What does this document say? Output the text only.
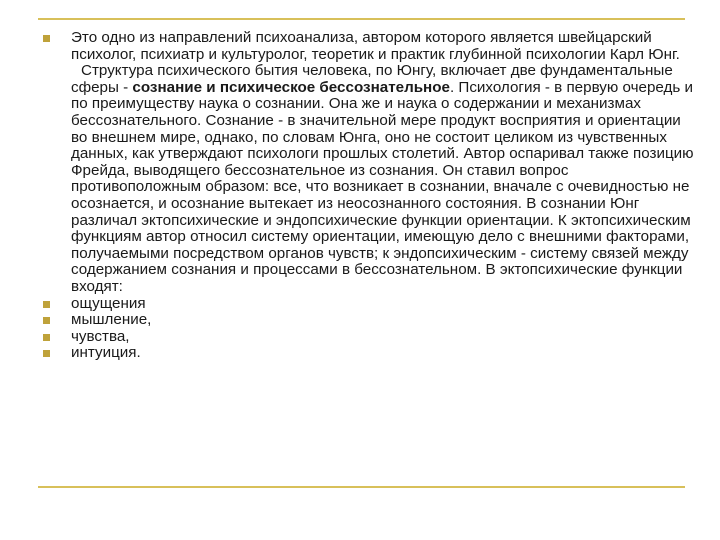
Это одно из направлений психоанализа, автором которого является швейцарский психолог, психиатр и культуролог, теоретик и практик глубинной психологии Карл Юнг.
Структура психического бытия человека, по Юнгу, включает две фундаментальные сферы - сознание и психическое бессознательное. Психология - в первую очередь и по преимуществу наука о сознании. Она же и наука о содержании и механизмах бессознательного. Сознание - в значительной мере продукт восприятия и ориентации во внешнем мире, однако, по словам Юнга, оно не состоит целиком из чувственных данных, как утверждают психологи прошлых столетий. Автор оспаривал также позицию Фрейда, выводящего бессознательное из сознания. Он ставил вопрос противоположным образом: все, что возникает в сознании, вначале с очевидностью не осознается, и осознание вытекает из неосознанного состояния. В сознании Юнг различал эктопсихические и эндопсихические функции ориентации. К эктопсихическим функциям автор относил систему ориентации, имеющую дело с внешними факторами, получаемыми посредством органов чувств; к эндопсихическим - систему связей между содержанием сознания и процессами в бессознательном. В эктопсихические функции входят:
ощущения
мышление,
чувства,
интуиция.
